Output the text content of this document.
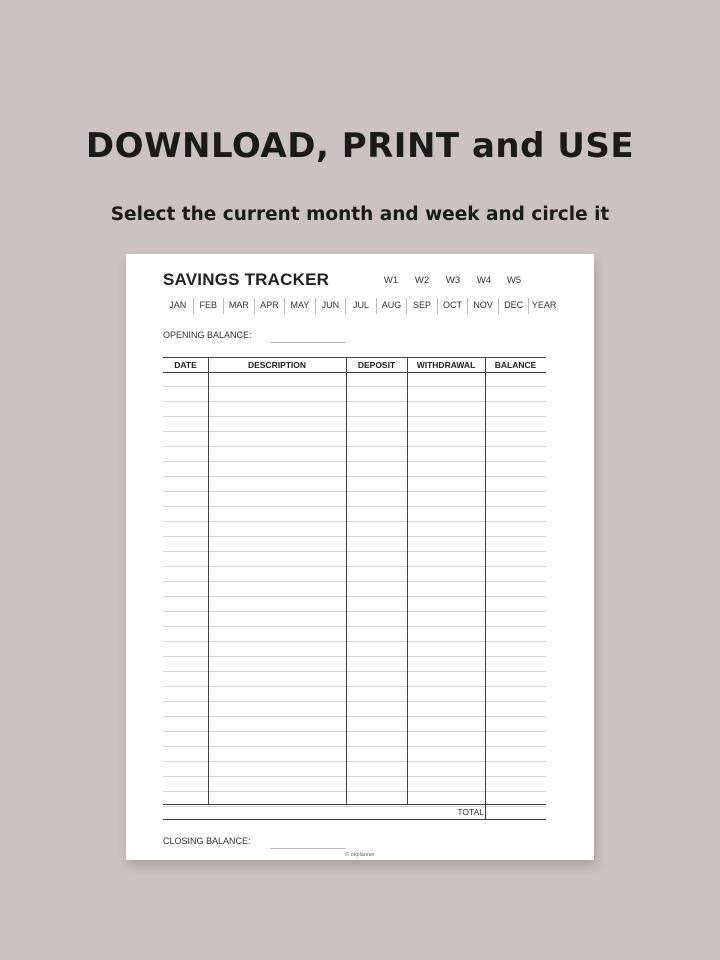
DOWNLOAD, PRINT and USE
Select the current month and week and circle it
SAVINGS TRACKER	W1	W2	W3	W4	W5
JAN	FEB	MAR	APR	MAY	JUN	JUL	AUG	SEP	OCT	NOV	DEC YEAR
OPENING BALANCE:
DATE	DESCRIPTION	DEPOSIT	WITHDRAWAL	BALANCE
TOTAL
CLOSING BALANCE:
© okplanner
